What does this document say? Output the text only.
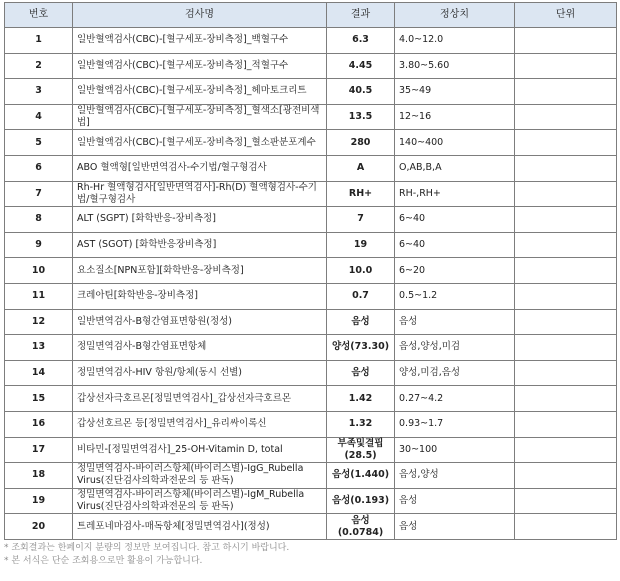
번호	검사명	결과	정상치	단위
1	일반혈액검사(CBC)-[혈구세포-장비측정]_백혈구수	6.3	4.0~12.0	
2	일반혈액검사(CBC)-[혈구세포-장비측정]_적혈구수	4.45	3.80~5.60	
3	일반혈액검사(CBC)-[혈구세포-장비측정]_헤마토크리트	40.5	35~49	
4	일반혈액검사(CBC)-[혈구세포-장비측정]_혈색소[광전비색법]	13.5	12~16	
5	일반혈액검사(CBC)-[혈구세포-장비측정]_혈소판분포계수	280	140~400	
6	ABO 혈액형[일반면역검사-수기법/혈구형검사	A	O,AB,B,A	
7	Rh-Hr 혈액형검사[일반면역검사]-Rh(D) 혈액형검사-수기법/혈구형검사	RH+	RH-,RH+	
8	ALT (SGPT) [화학반응-장비측정]	7	6~40	
9	AST (SGOT) [화학반응장비측정]	19	6~40	
10	요소질소[NPN포함][화학반응-장비측정]	10.0	6~20	
11	크레아틴[화학반응-장비측정]	0.7	0.5~1.2	
12	일반면역검사-B형간염표면항원(정성)	음성	음성	
13	정밀면역검사-B형간염표면항체	양성(73.30)	음성,양성,미검	
14	정밀면역검사-HIV 항원/항체(동시 선별)	음성	양성,미검,음성	
15	갑상선자극호르몬[정밀면역검사]_갑상선자극호르몬	1.42	0.27~4.2	
16	갑상선호르몬 등[정밀면역검사]_유리싸이록신	1.32	0.93~1.7	
17	비타민-[정밀면역검사]_25-OH-Vitamin D, total	부족및결핍(28.5)	30~100	
18	정밀면역검사-바이러스항체(바이러스별)-IgG_Rubella Virus(진단검사의학과전문의 등 판독)	음성(1.440)	음성,양성	
19	정밀면역검사-바이러스항체(바이러스별)-IgM_Rubella Virus(진단검사의학과전문의 등 판독)	음성(0.193)	음성	
20	트레포네마검사-매독항체[정밀면역검사](정성)	음성(0.0784)	음성	
* 조회결과는 한페이지 분량의 정보만 보여집니다. 참고 하시기 바랍니다.
* 본 서식은 단순 조회용으로만 활용이 가능합니다.
